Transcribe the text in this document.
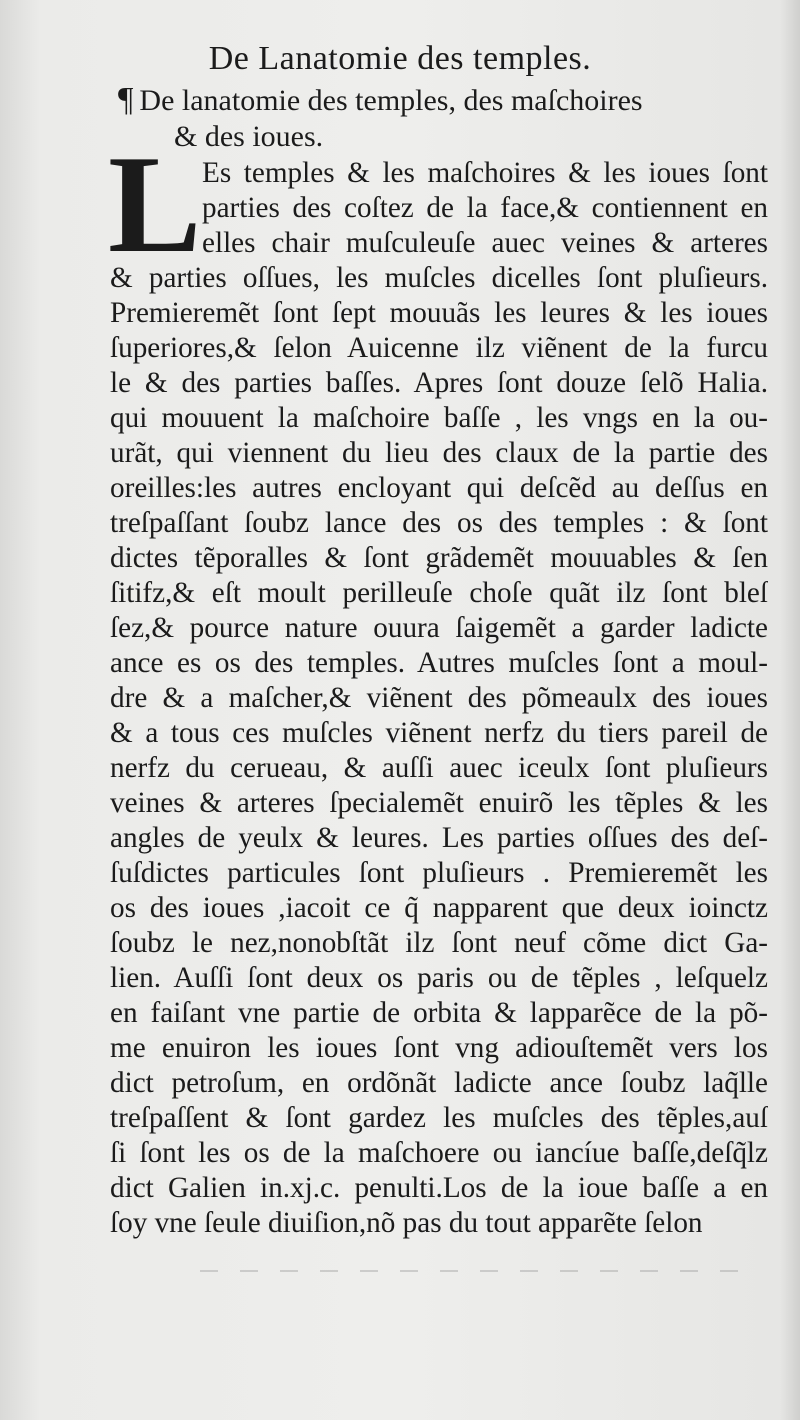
De Lanatomie des temples.
¶ De lanatomie des temples, des maſchoires
& des ioues.
L Es temples & les maſchoires & les ioues ſont
parties des coſtez de la face,& contiennent en
elles chair muſculeuſe auec veines & arteres
& parties oſſues, les muſcles dicelles ſont pluſieurs.
Premieremẽt ſont ſept mouuãs les leures & les ioues
ſuperiores,& ſelon Auicenne ilz viẽnent de la furcu
le & des parties baſſes. Apres ſont douze ſelõ Halia.
qui mouuent la maſchoire baſſe , les vngs en la ou-
urãt, qui viennent du lieu des claux de la partie des
oreilles:les autres encloyant qui deſcẽd au deſſus en
treſpaſſant ſoubz lance des os des temples : & ſont
dictes tẽporalles & ſont grãdemẽt mouuables & ſen
ſitifz,& eſt moult perilleuſe choſe quãt ilz ſont bleſ
ſez,& pource nature ouura ſaigemẽt a garder ladicte
ance es os des temples. Autres muſcles ſont a moul-
dre & a maſcher,& viẽnent des põmeaulx des ioues
& a tous ces muſcles viẽnent nerfz du tiers pareil de
nerfz du cerueau, & auſſi auec iceulx ſont pluſieurs
veines & arteres ſpecialemẽt enuirõ les tẽples & les
angles de yeulx & leures. Les parties oſſues des deſ-
ſuſdictes particules ſont pluſieurs . Premieremẽt les
os des ioues ,iacoit ce q̃ napparent que deux ioinctz
ſoubz le nez,nonobſtãt ilz ſont neuf cõme dict Ga-
lien. Auſſi ſont deux os paris ou de tẽples , leſquelz
en faiſant vne partie de orbita & lapparẽce de la põ-
me enuiron les ioues ſont vng adiouſtemẽt vers los
dict petroſum, en ordõnãt ladicte ance ſoubz laq̃lle
treſpaſſent & ſont gardez les muſcles des tẽples,auſ
ſi ſont les os de la maſchoere ou iancíue baſſe,deſq̃lz
dict Galien in.xj.c. penulti.Los de la ioue baſſe a en
ſoy vne ſeule diuiſion,nõ pas du tout apparẽte ſelon
